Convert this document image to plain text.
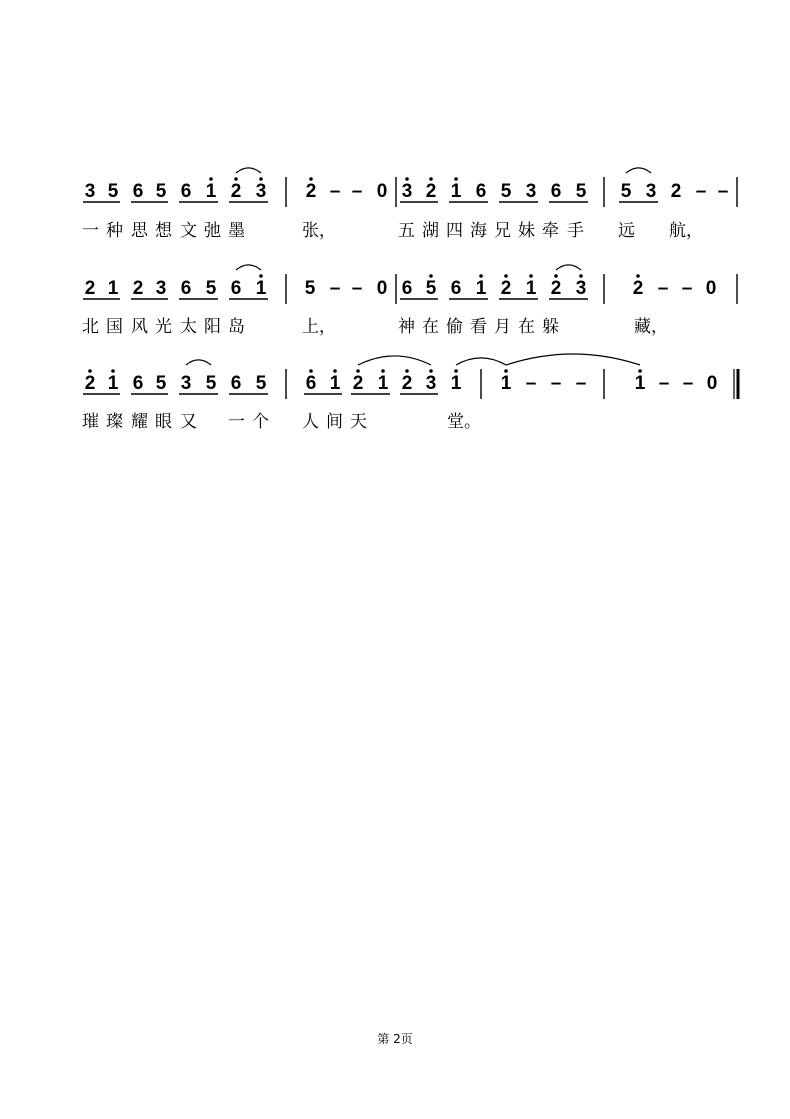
3 5 6 5 6 1 2 3 2 – – 0 3 2 1 6 5 3 6 5 5 3 2 – –
2 1 2 3 6 5 6 1 5 – – 0 6 5 6 1 2 1 2 3 2 – – 0
2 1 6 5 3 5 6 5 6 1 2 1 2 3 1 1 – – –	1 – – 0
一 种 思 想 文 弛 墨	张，	五 湖 四 海 兄 妹 牵 手 远 航，
北 国 风 光 太 阳 岛	上，	神 在 偷 看 月 在 躲	藏，
璀 璨 耀 眼 又 一 个 人 间 天	堂。
第 2页
